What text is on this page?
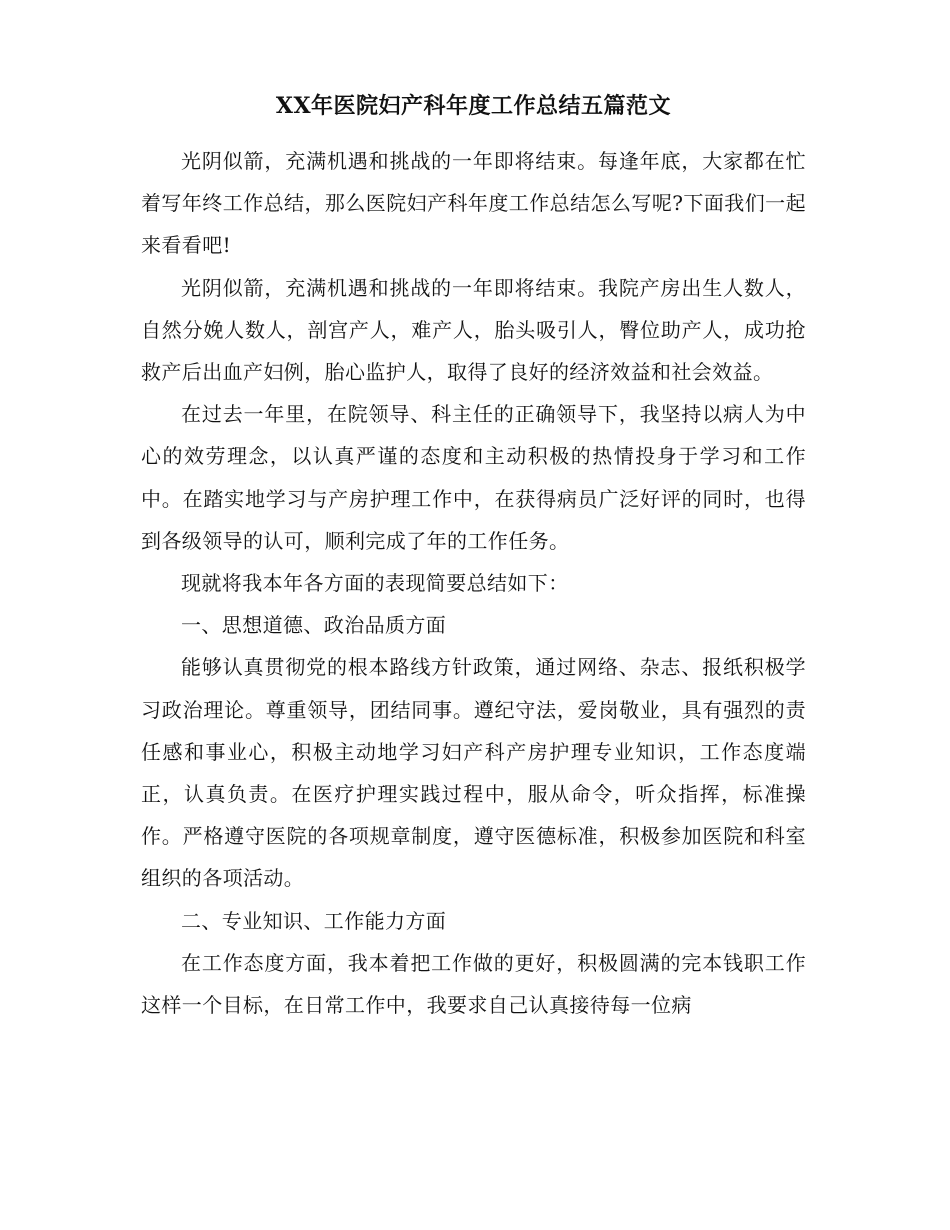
XX年医院妇产科年度工作总结五篇范文

光阴似箭，充满机遇和挑战的一年即将结束。每逢年底，大家都在忙着写年终工作总结，那么医院妇产科年度工作总结怎么写呢?下面我们一起来看看吧!

光阴似箭，充满机遇和挑战的一年即将结束。我院产房出生人数人，自然分娩人数人，剖宫产人，难产人，胎头吸引人，臀位助产人，成功抢救产后出血产妇例，胎心监护人，取得了良好的经济效益和社会效益。

在过去一年里，在院领导、科主任的正确领导下，我坚持以病人为中心的效劳理念，以认真严谨的态度和主动积极的热情投身于学习和工作中。在踏实地学习与产房护理工作中，在获得病员广泛好评的同时，也得到各级领导的认可，顺利完成了年的工作任务。

现就将我本年各方面的表现简要总结如下：

一、思想道德、政治品质方面

能够认真贯彻党的根本路线方针政策，通过网络、杂志、报纸积极学习政治理论。尊重领导，团结同事。遵纪守法，爱岗敬业，具有强烈的责任感和事业心，积极主动地学习妇产科产房护理专业知识，工作态度端正，认真负责。在医疗护理实践过程中，服从命令，听众指挥，标准操作。严格遵守医院的各项规章制度，遵守医德标准，积极参加医院和科室组织的各项活动。

二、专业知识、工作能力方面

在工作态度方面，我本着把工作做的更好，积极圆满的完本钱职工作这样一个目标，在日常工作中，我要求自己认真接待每一位病
